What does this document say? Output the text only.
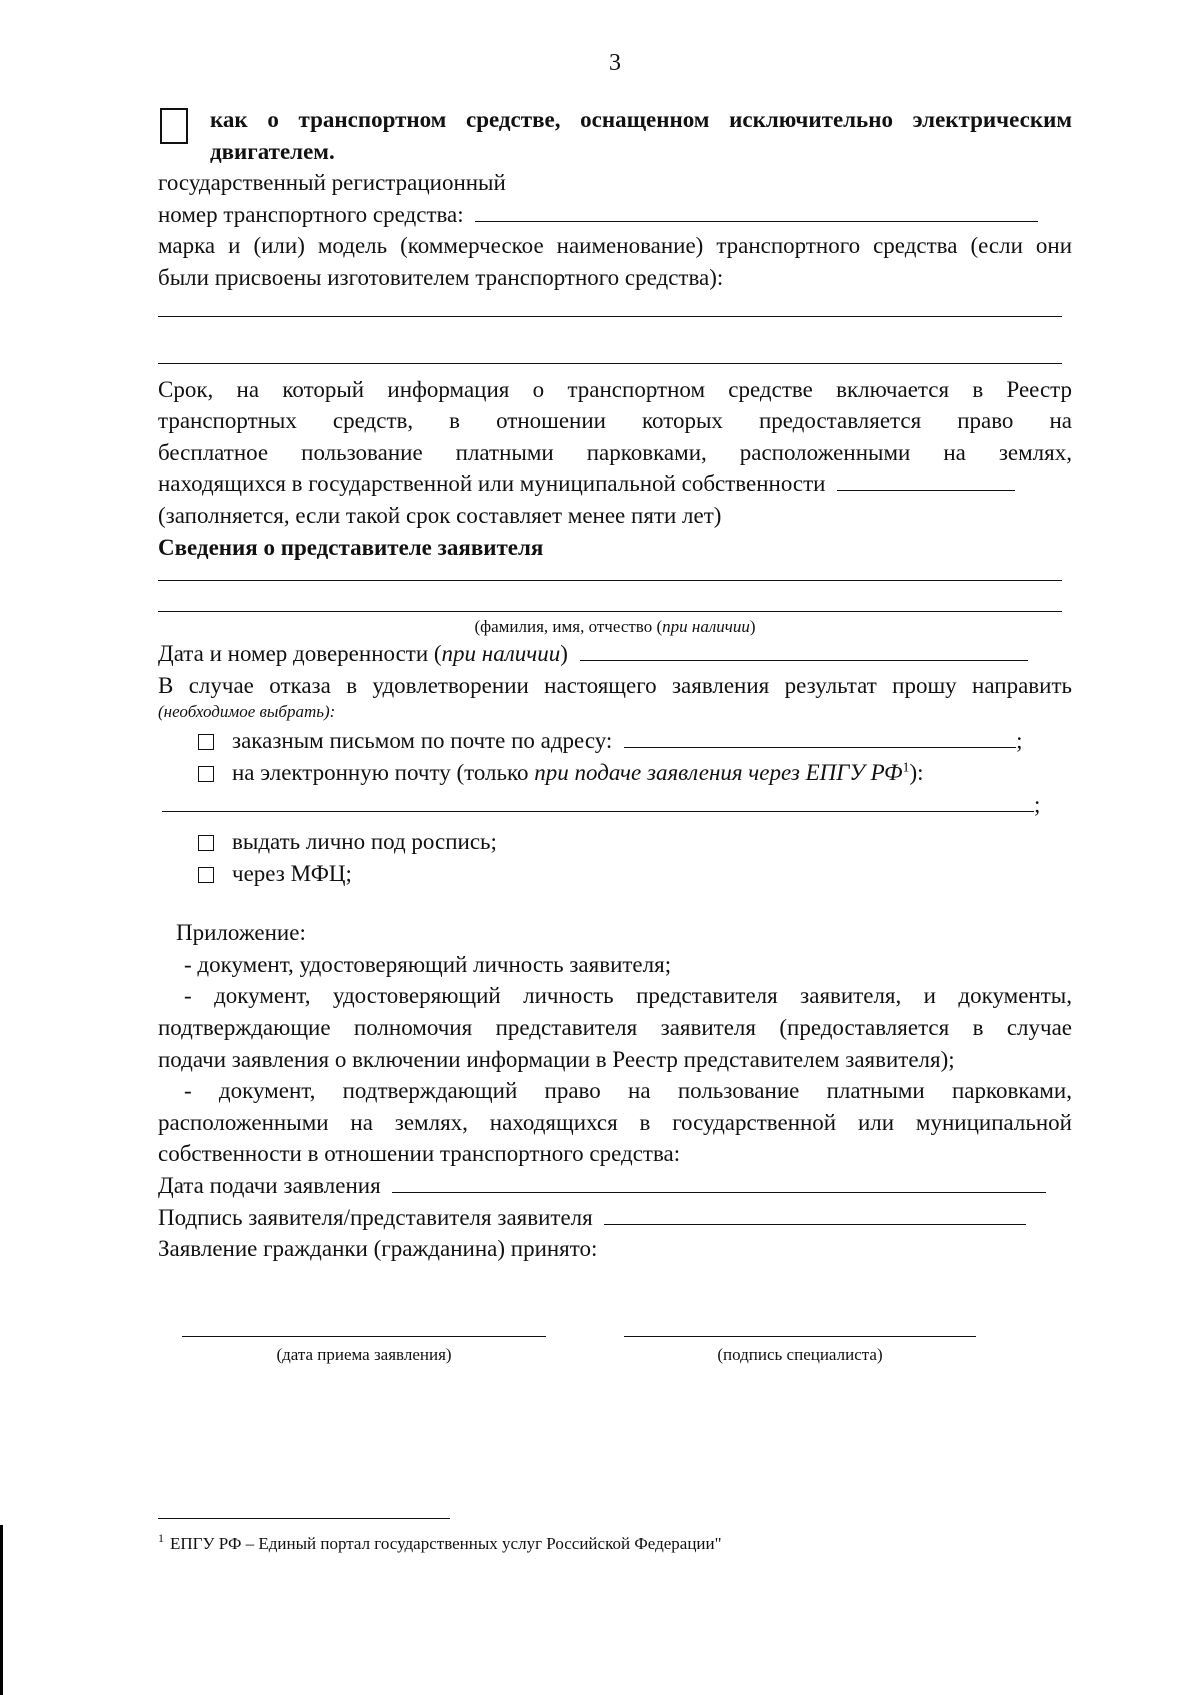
3
как о транспортном средстве, оснащенном исключительно электрическим
двигателем.
государственный регистрационный
номер транспортного средства:
марка и (или) модель (коммерческое наименование) транспортного средства (если они
были присвоены изготовителем транспортного средства):
Срок, на который информация о транспортном средстве включается в Реестр
транспортных средств, в отношении которых предоставляется право на
бесплатное пользование платными парковками, расположенными на землях,
находящихся в государственной или муниципальной собственности
(заполняется, если такой срок составляет менее пяти лет)
Сведения о представителе заявителя
(фамилия, имя, отчество (при наличии)
Дата и номер доверенности (при наличии)
В случае отказа в удовлетворении настоящего заявления результат прошу направить
(необходимое выбрать):
заказным письмом по почте по адресу:	;
на электронную почту (только при подаче заявления через ЕПГУ $РФ^1$):
;
выдать лично под роспись;
через МФЦ;
Приложение:
- документ, удостоверяющий личность заявителя;
- документ, удостоверяющий личность представителя заявителя, и документы,
подтверждающие полномочия представителя заявителя (предоставляется в случае
подачи заявления о включении информации в Реестр представителем заявителя);
- документ, подтверждающий право на пользование платными парковками,
расположенными на землях, находящихся в государственной или муниципальной
собственности в отношении транспортного средства:
Дата подачи заявления
Подпись заявителя/представителя заявителя
Заявление гражданки (гражданина) принято:
(дата приема заявления)	(подпись специалиста)
$^1$ ЕПГУ РФ – Единый портал государственных услуг Российской Федерации"
